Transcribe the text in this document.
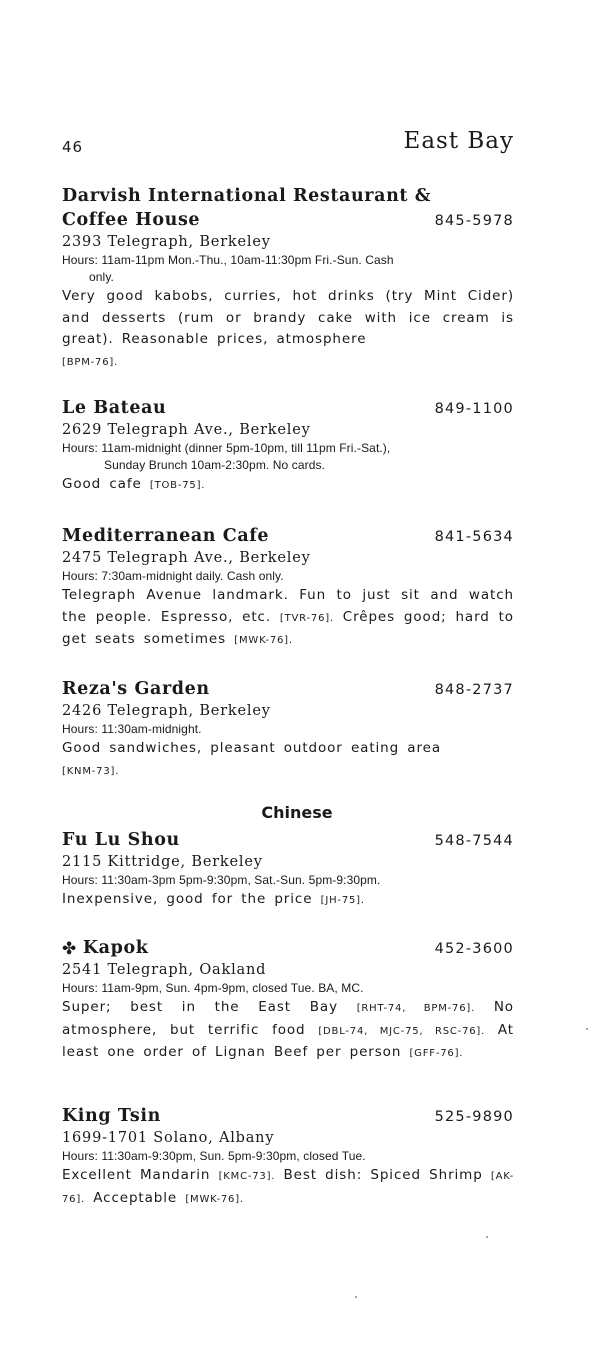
46	East Bay
Darvish International Restaurant &
Coffee House	845-5978
2393 Telegraph, Berkeley
Hours: 11am-11pm Mon.-Thu., 10am-11:30pm Fri.-Sun. Cash
only.
Very good kabobs, curries, hot drinks (try Mint Cider) and desserts (rum or brandy cake with ice cream is great). Reasonable prices, atmosphere
[BPM-76].
Le Bateau	849-1100
2629 Telegraph Ave., Berkeley
Hours: 11am-midnight (dinner 5pm-10pm, till 11pm Fri.-Sat.),
Sunday Brunch 10am-2:30pm. No cards.
Good cafe [TOB-75].
Mediterranean Cafe	841-5634
2475 Telegraph Ave., Berkeley
Hours: 7:30am-midnight daily. Cash only.
Telegraph Avenue landmark. Fun to just sit and watch the people. Espresso, etc. [TVR-76]. Crêpes good; hard to get seats sometimes [MWK-76].
Reza's Garden	848-2737
2426 Telegraph, Berkeley
Hours: 11:30am-midnight.
Good sandwiches, pleasant outdoor eating area
[KNM-73].
Chinese
Fu Lu Shou	548-7544
2115 Kittridge, Berkeley
Hours: 11:30am-3pm 5pm-9:30pm, Sat.-Sun. 5pm-9:30pm.
Inexpensive, good for the price [JH-75].
✤ Kapok	452-3600
2541 Telegraph, Oakland
Hours: 11am-9pm, Sun. 4pm-9pm, closed Tue. BA, MC.
Super; best in the East Bay [RHT-74, BPM-76]. No atmosphere, but terrific food [DBL-74, MJC-75, RSC-76]. At least one order of Lignan Beef per person [GFF-76].
King Tsin	525-9890
1699-1701 Solano, Albany
Hours: 11:30am-9:30pm, Sun. 5pm-9:30pm, closed Tue.
Excellent Mandarin [KMC-73]. Best dish: Spiced Shrimp [AK-76]. Acceptable [MWK-76].
